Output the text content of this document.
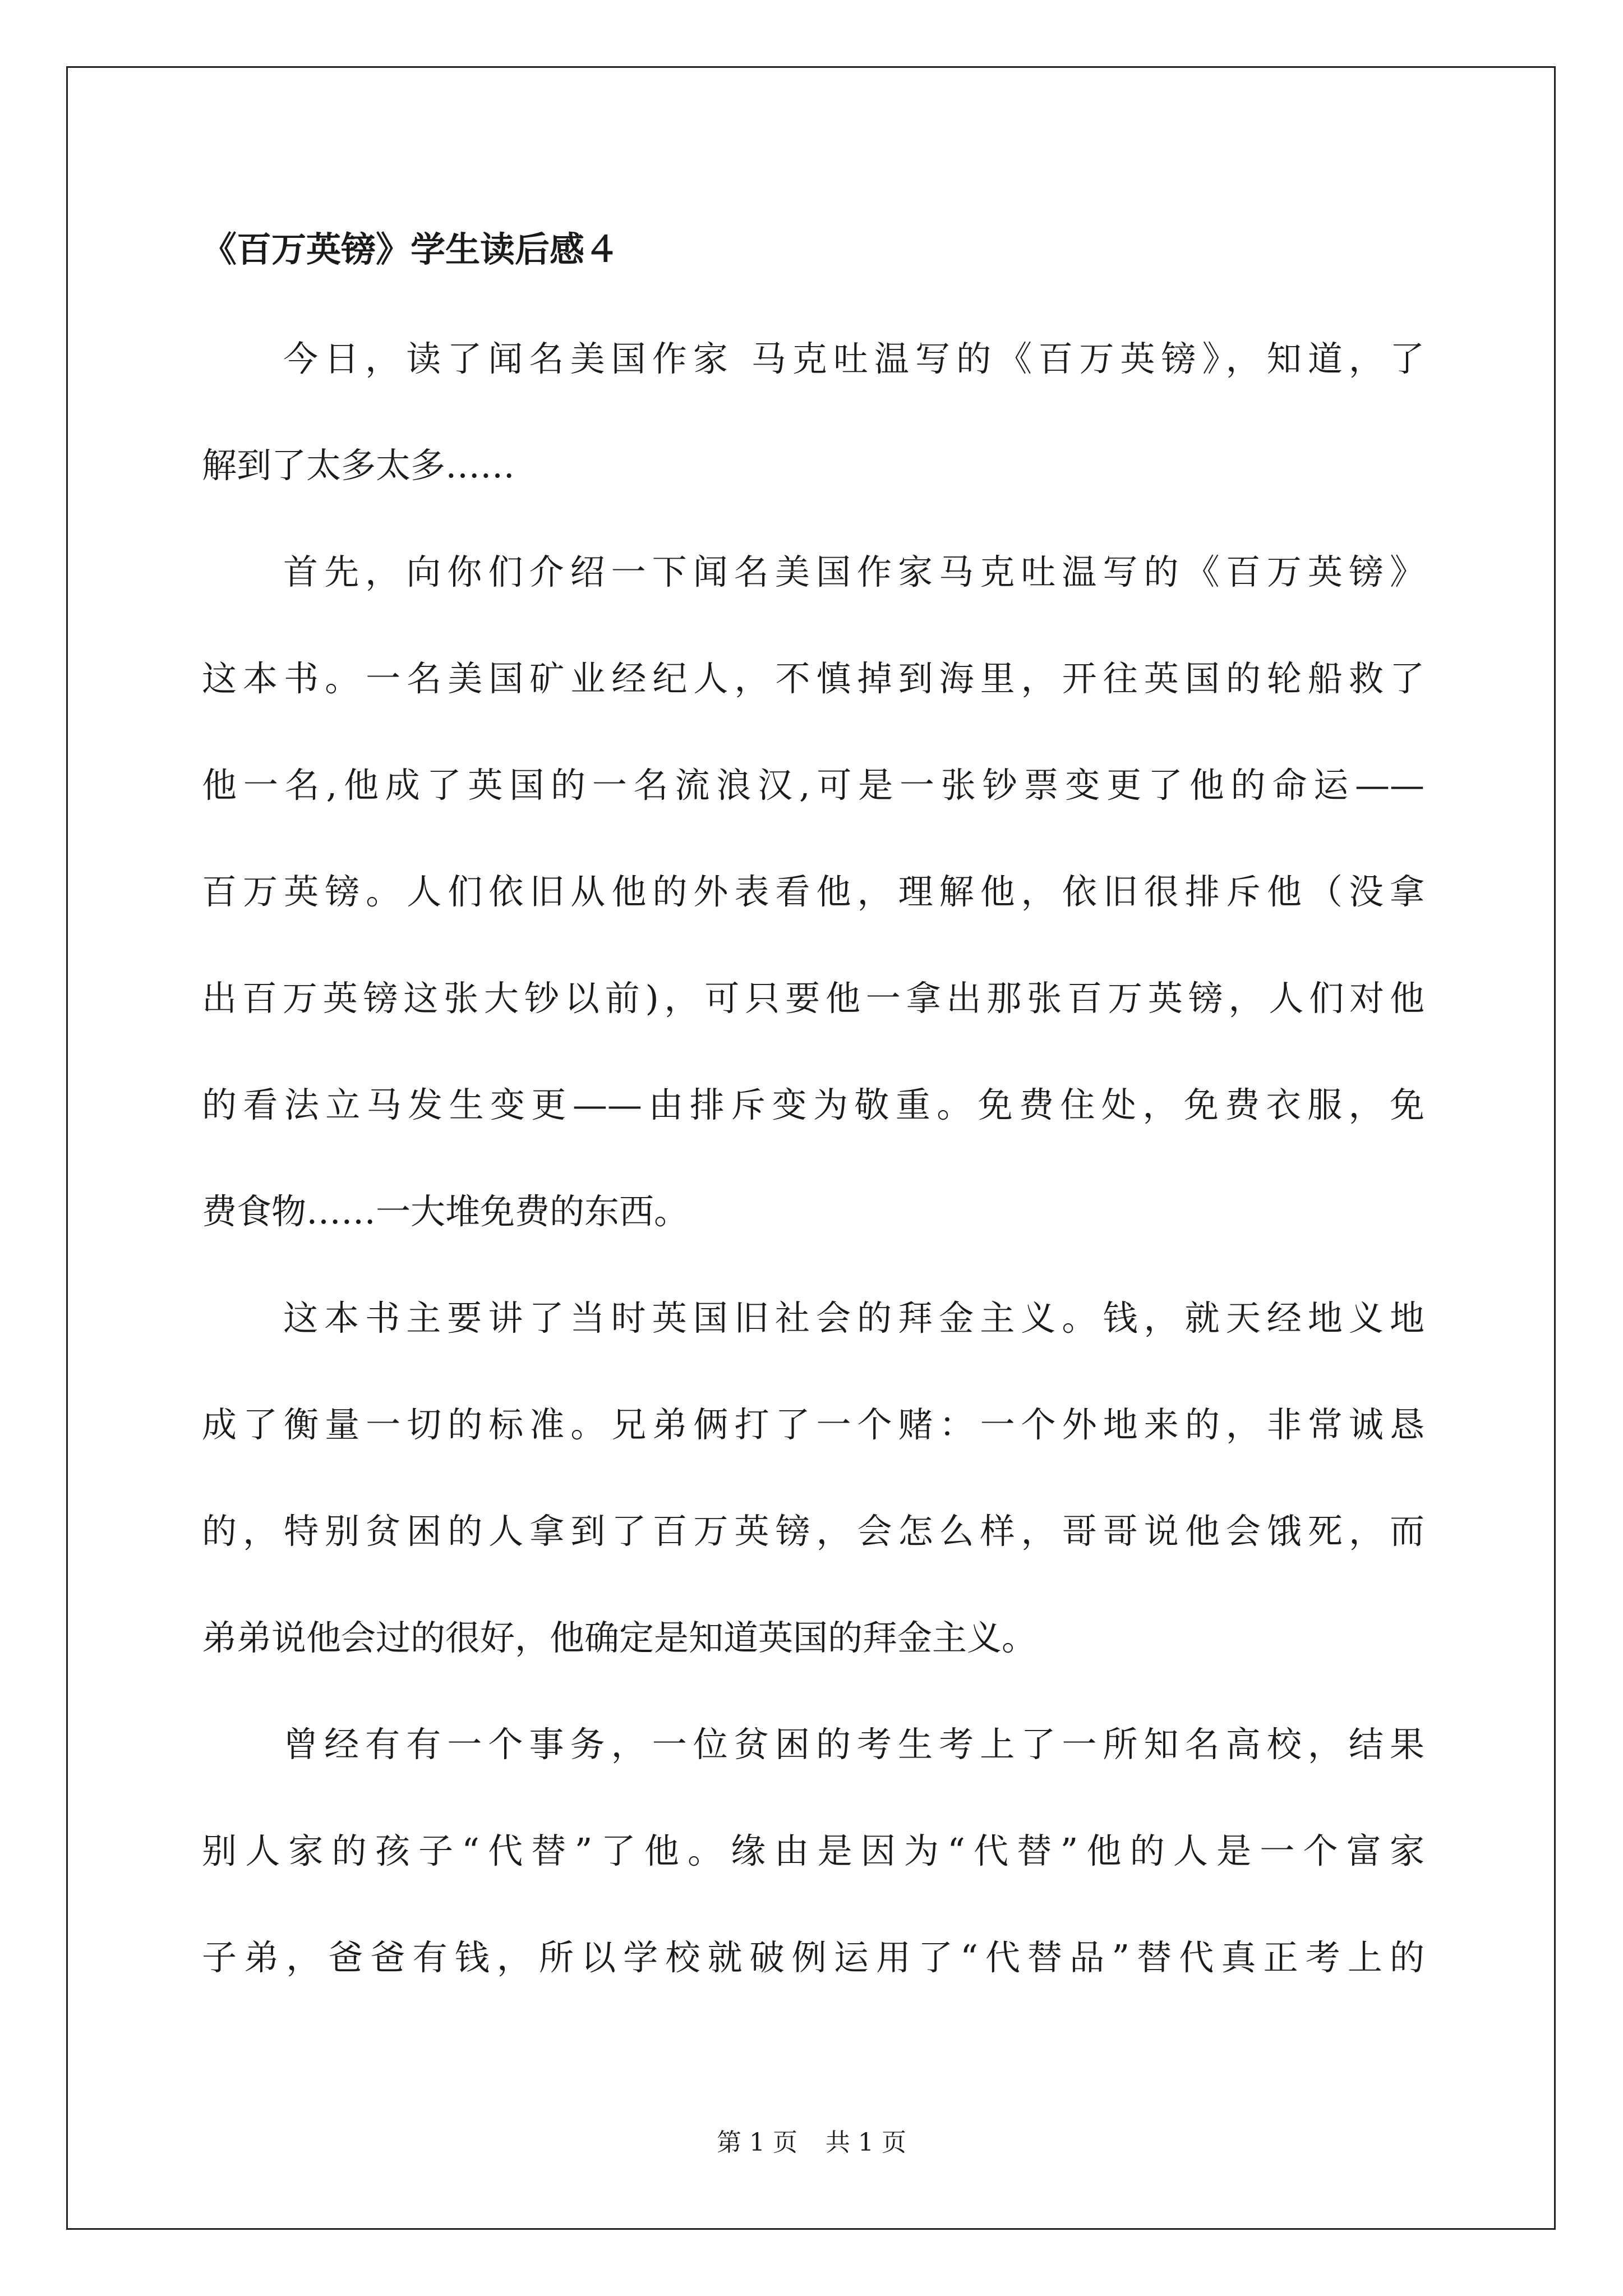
《百万英镑》学生读后感４

今日，读了闻名美国作家 马克吐温写的《百万英镑》，知道，了

解到了太多太多……

首先，向你们介绍一下闻名美国作家马克吐温写的《百万英镑》

这本书。一名美国矿业经纪人，不慎掉到海里，开往英国的轮船救了

他一名,他成了英国的一名流浪汉,可是一张钞票变更了他的命运——

百万英镑。人们依旧从他的外表看他，理解他，依旧很排斥他（没拿

出百万英镑这张大钞以前)，可只要他一拿出那张百万英镑，人们对他

的看法立马发生变更——由排斥变为敬重。免费住处，免费衣服，免

费食物……一大堆免费的东西。

这本书主要讲了当时英国旧社会的拜金主义。钱，就天经地义地

成了衡量一切的标准。兄弟俩打了一个赌：一个外地来的，非常诚恳

的，特别贫困的人拿到了百万英镑，会怎么样，哥哥说他会饿死，而

弟弟说他会过的很好，他确定是知道英国的拜金主义。

曾经有有一个事务，一位贫困的考生考上了一所知名高校，结果

别人家的孩子“代替”了他。缘由是因为“代替”他的人是一个富家

子弟，爸爸有钱，所以学校就破例运用了“代替品”替代真正考上的

第 1 页 共 1 页
